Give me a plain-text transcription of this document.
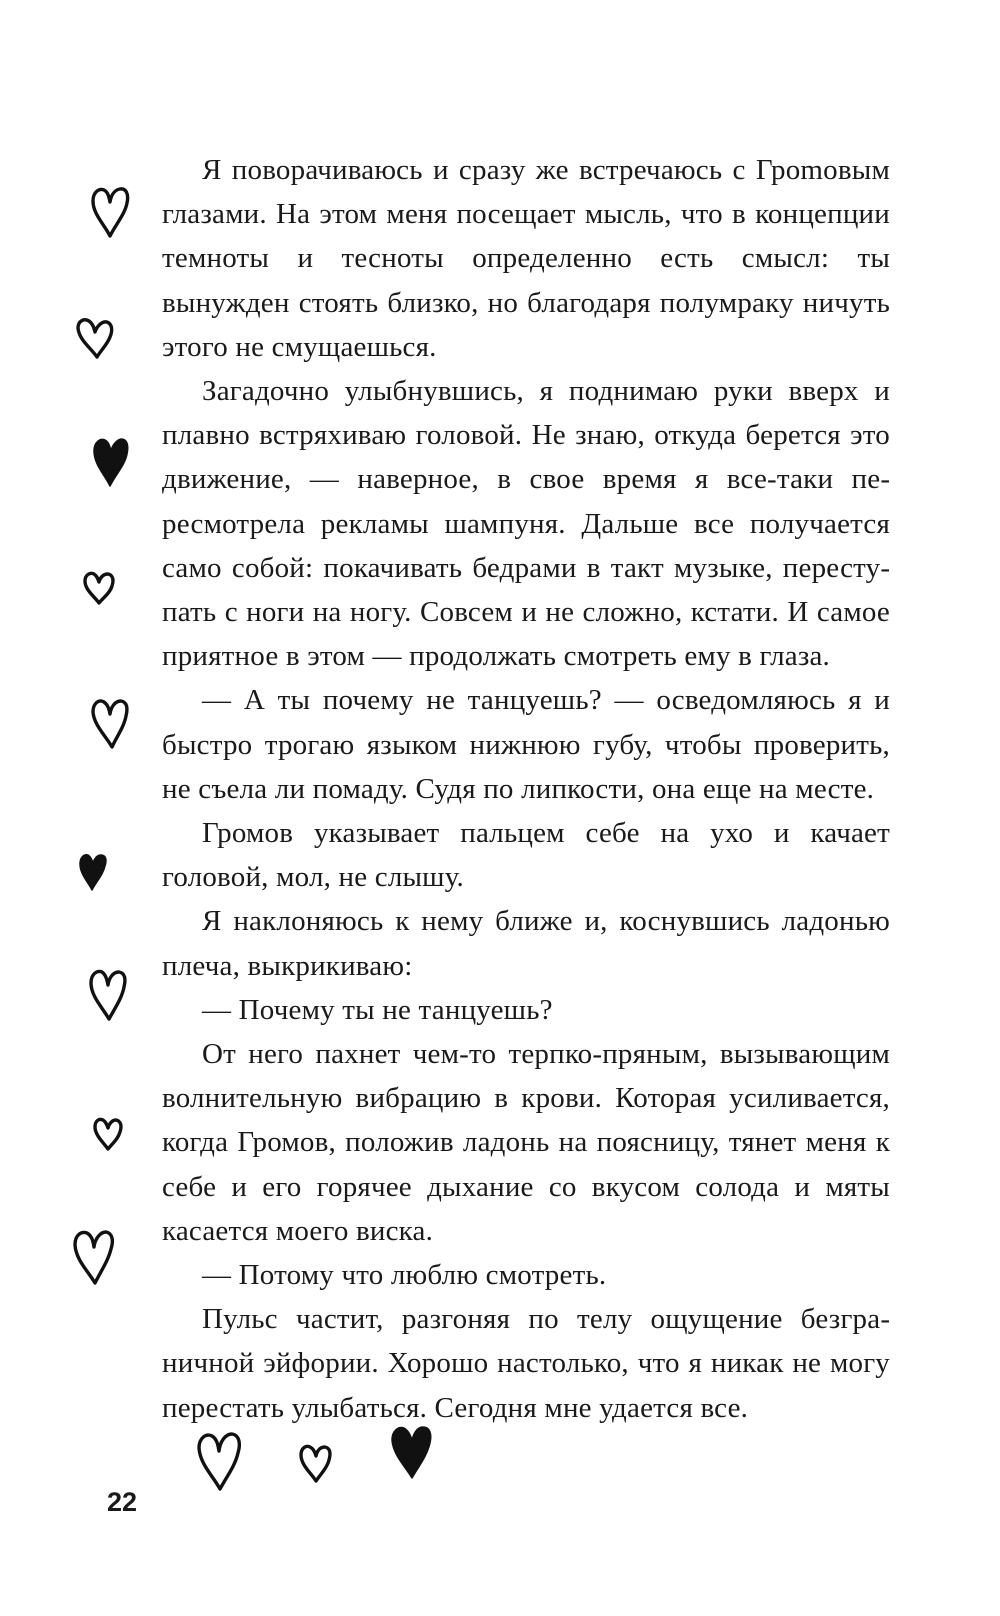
Я поворачиваюсь и сразу же встречаюсь с Гроmовым глазами. На этом меня посещает мысль, что в концепции темноты и тесноты определенно есть смысл: ты вынужден стоять близко, но благодаря полумраку ничуть этого не смущаешься.

Загадочно улыбнувшись, я поднимаю руки вверх и плавно встряхиваю головой. Не знаю, откуда берется это движение, — наверное, в свое время я все-таки пересмотрела рекламы шампуня. Дальше все получается само собой: покачивать бедрами в такт музыке, переступать с ноги на ногу. Совсем и не сложно, кстати. И самое приятное в этом — продолжать смотреть ему в глаза.

— А ты почему не танцуешь? — осведомляюсь я и быстро трогаю языком нижнюю губу, чтобы проверить, не съела ли помаду. Судя по липкости, она еще на месте.

Громов указывает пальцем себе на ухо и качает головой, мол, не слышу.

Я наклоняюсь к нему ближе и, коснувшись ладонью плеча, выкрикиваю:

— Почему ты не танцуешь?

От него пахнет чем-то терпко-пряным, вызывающим волнительную вибрацию в крови. Которая усиливается, когда Громов, положив ладонь на поясницу, тянет меня к себе и его горячее дыхание со вкусом солода и мяты касается моего виска.

— Потому что люблю смотреть.

Пульс частит, разгоняя по телу ощущение безграничной эйфории. Хорошо настолько, что я никак не могу перестать улыбаться. Сегодня мне удается все.

22
